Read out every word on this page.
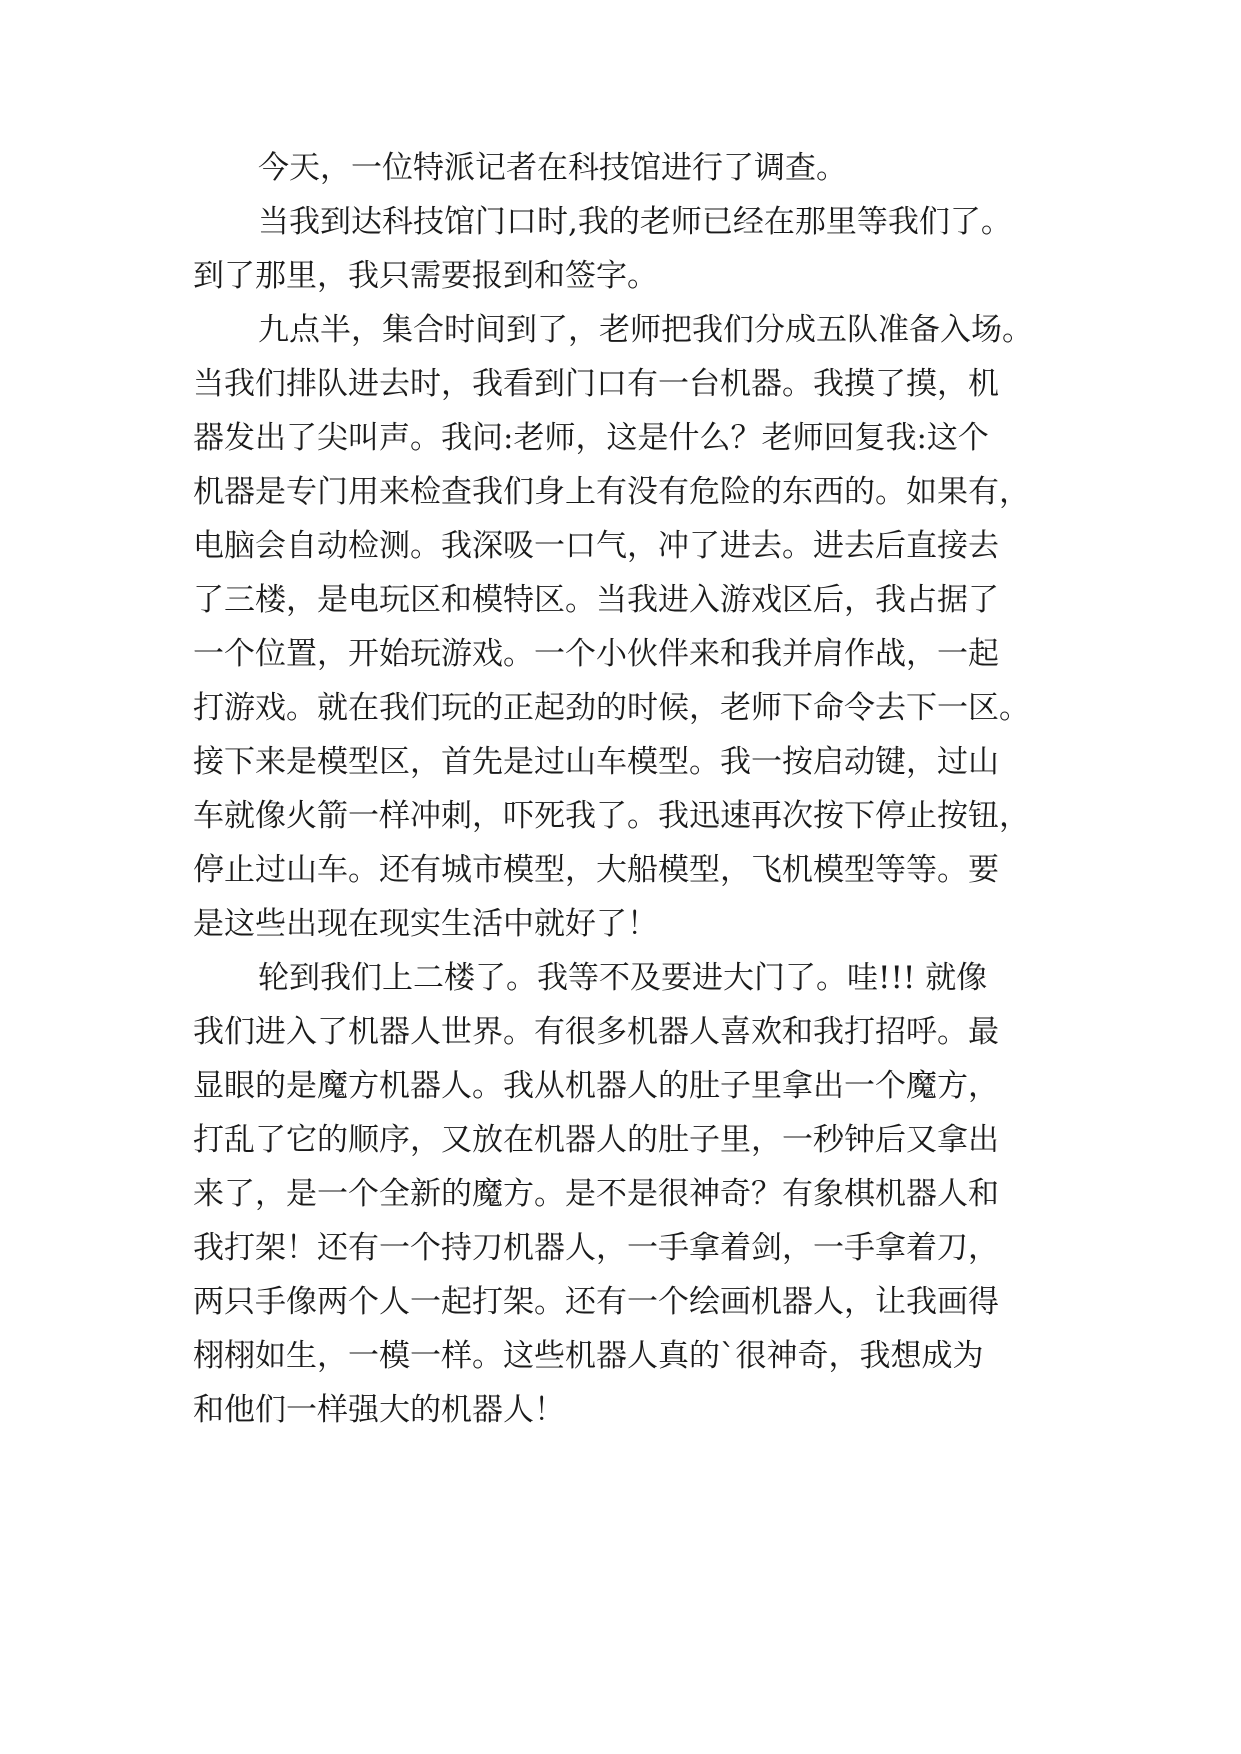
今天，一位特派记者在科技馆进行了调查。
当我到达科技馆门口时,我的老师已经在那里等我们了。
到了那里，我只需要报到和签字。
九点半，集合时间到了，老师把我们分成五队准备入场。
当我们排队进去时，我看到门口有一台机器。我摸了摸，机
器发出了尖叫声。我问:老师，这是什么？老师回复我:这个
机器是专门用来检查我们身上有没有危险的东西的。如果有，
电脑会自动检测。我深吸一口气，冲了进去。进去后直接去
了三楼，是电玩区和模特区。当我进入游戏区后，我占据了
一个位置，开始玩游戏。一个小伙伴来和我并肩作战，一起
打游戏。就在我们玩的正起劲的时候，老师下命令去下一区。
接下来是模型区，首先是过山车模型。我一按启动键，过山
车就像火箭一样冲刺，吓死我了。我迅速再次按下停止按钮，
停止过山车。还有城市模型，大船模型，飞机模型等等。要
是这些出现在现实生活中就好了！
轮到我们上二楼了。我等不及要进大门了。哇!!! 就像
我们进入了机器人世界。有很多机器人喜欢和我打招呼。最
显眼的是魔方机器人。我从机器人的肚子里拿出一个魔方，
打乱了它的顺序，又放在机器人的肚子里，一秒钟后又拿出
来了，是一个全新的魔方。是不是很神奇？有象棋机器人和
我打架！还有一个持刀机器人，一手拿着剑，一手拿着刀，
两只手像两个人一起打架。还有一个绘画机器人，让我画得
栩栩如生，一模一样。这些机器人真的`很神奇，我想成为
和他们一样强大的机器人！
